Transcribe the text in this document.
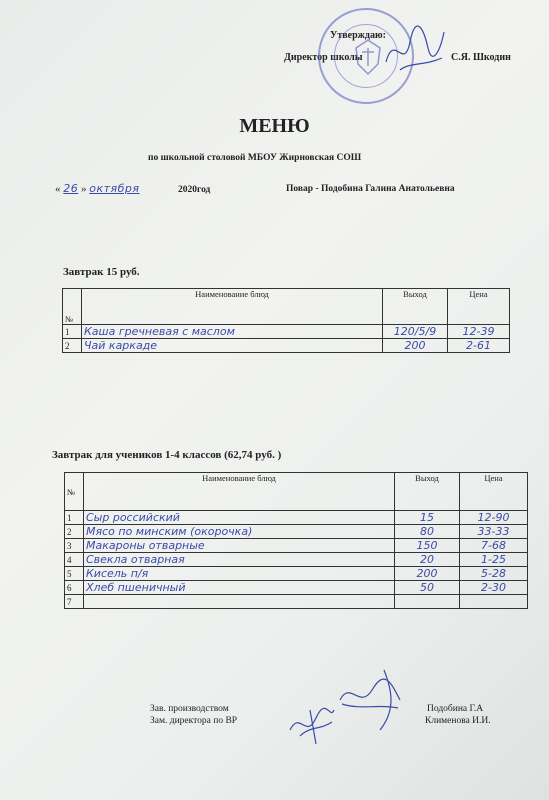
Утверждаю:
Директор школы	С.Я. Шкодин
МЕНЮ
по школьной столовой МБОУ Жирновская СОШ
« 26 » октября	2020год	Повар - Подобина Галина Анатольевна
Завтрак 15 руб.
№	Наименование блюд	Выход	Цена
1	Каша гречневая с маслом	120/5/9	12-39
2	Чай каркаде	200	2-61
Завтрак для учеников 1-4 классов (62,74 руб. )
№	Наименование блюд	Выход	Цена
1	Сыр российский	15	12-90
2	Мясо по минским (окорочка)	80	33-33
3	Макароны отварные	150	7-68
4	Свекла отварная	20	1-25
5	Кисель п/я	200	5-28
6	Хлеб пшеничный	50	2-30
7			
Зав. производством	Подобина Г.А
Зам. директора по ВР	Клименова И.И.
